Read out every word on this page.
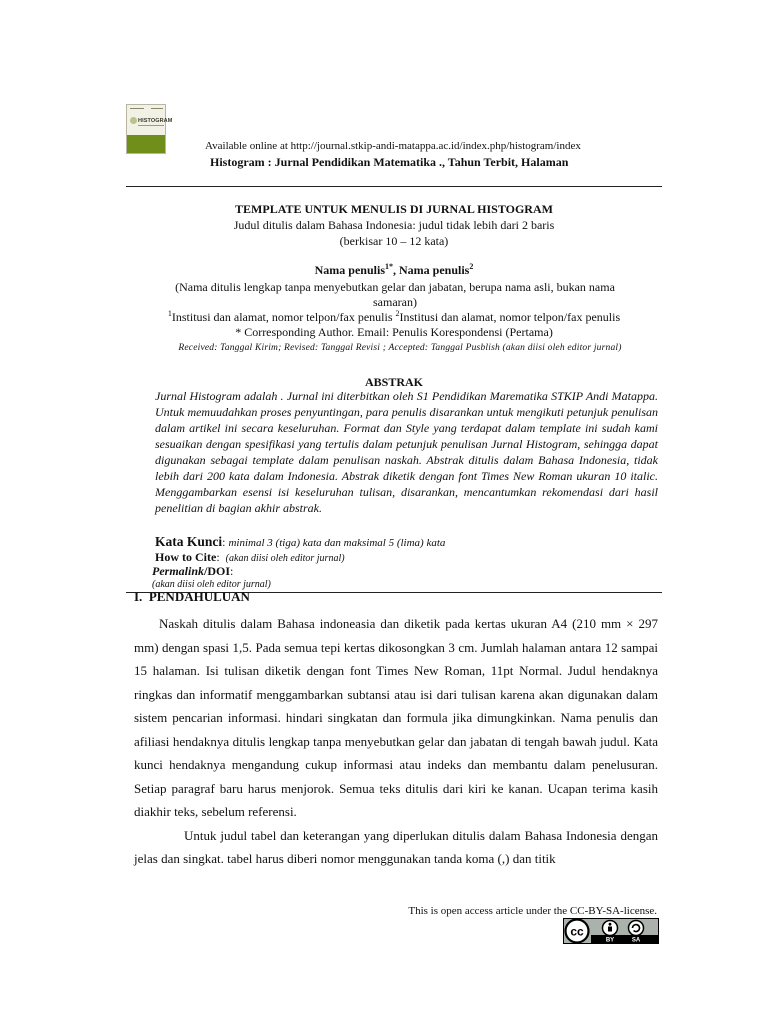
HISTOGRAM
Available online at http://journal.stkip-andi-matappa.ac.id/index.php/histogram/index
Histogram : Jurnal Pendidikan Matematika ., Tahun Terbit, Halaman
TEMPLATE UNTUK MENULIS DI JURNAL HISTOGRAM
Judul ditulis dalam Bahasa Indonesia: judul tidak lebih dari 2 baris
(berkisar 10 – 12 kata)
Nama penulis$^{1*}$, Nama penulis$^2$
(Nama ditulis lengkap tanpa menyebutkan gelar dan jabatan, berupa nama asli, bukan nama samaran)
$^1$Institusi dan alamat, nomor telpon/fax penulis $^2$Institusi dan alamat, nomor telpon/fax penulis
* Corresponding Author. Email: Penulis Korespondensi (Pertama)
Received: Tanggal Kirim; Revised: Tanggal Revisi ; Accepted: Tanggal Pusblish (akan diisi oleh editor jurnal)
ABSTRAK
Jurnal Histogram adalah . Jurnal ini diterbitkan oleh S1 Pendidikan Marematika STKIP Andi Matappa. Untuk memuudahkan proses penyuntingan, para penulis disarankan untuk mengikuti petunjuk penulisan dalam artikel ini secara keseluruhan. Format dan Style yang terdapat dalam template ini sudah kami sesuaikan dengan spesifikasi yang tertulis dalam petunjuk penulisan Jurnal Histogram, sehingga dapat digunakan sebagai template dalam penulisan naskah. Abstrak ditulis dalam Bahasa Indonesia, tidak lebih dari 200 kata dalam Indonesia. Abstrak diketik dengan font Times New Roman ukuran 10 italic. Menggambarkan esensi isi keseluruhan tulisan, disarankan, mencantumkan rekomendasi dari hasil penelitian di bagian akhir abstrak.
Kata Kunci: minimal 3 (tiga) kata dan maksimal 5 (lima) kata
How to Cite:  (akan diisi oleh editor jurnal)
Permalink/DOI:
(akan diisi oleh editor jurnal)
I. PENDAHULUAN

Naskah ditulis dalam Bahasa indoneasia dan diketik pada kertas ukuran A4 (210 mm × 297 mm) dengan spasi 1,5. Pada semua tepi kertas dikosongkan 3 cm. Jumlah halaman antara 12 sampai 15 halaman. Isi tulisan diketik dengan font Times New Roman, 11pt Normal. Judul hendaknya ringkas dan informatif menggambarkan subtansi atau isi dari tulisan karena akan digunakan dalam sistem pencarian informasi. hindari singkatan dan formula jika dimungkinkan. Nama penulis dan afiliasi hendaknya ditulis lengkap tanpa menyebutkan gelar dan jabatan di tengah bawah judul. Kata kunci hendaknya mengandung cukup informasi atau indeks dan membantu dalam penelusuran. Setiap paragraf baru harus menjorok. Semua teks ditulis dari kiri ke kanan. Ucapan terima kasih diakhir teks, sebelum referensi.

Untuk judul tabel dan keterangan yang diperlukan ditulis dalam Bahasa Indonesia dengan jelas dan singkat. tabel harus diberi nomor menggunakan tanda koma (,) dan titik

This is open access article under the CC-BY-SA-license.
cc
BY	SA
